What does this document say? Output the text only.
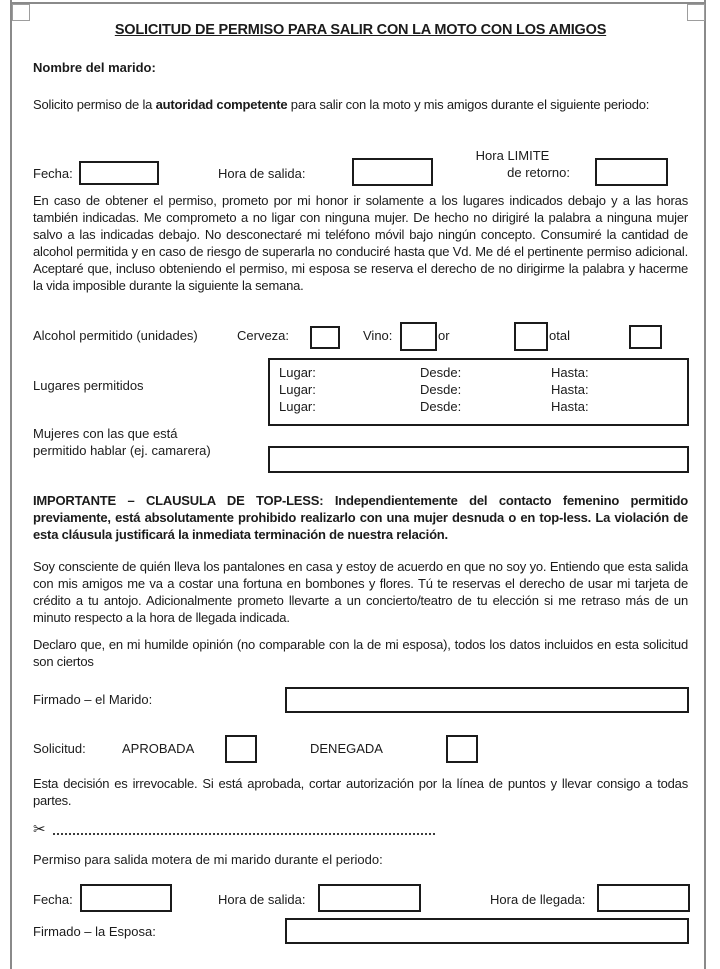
SOLICITUD DE PERMISO PARA SALIR CON LA MOTO CON LOS AMIGOS
Nombre del marido:
Solicito permiso de la autoridad competente para salir con la moto y mis amigos durante el siguiente periodo:
Fecha:	Hora de salida:
Hora LIMITE
de retorno:
En caso de obtener el permiso, prometo por mi honor ir solamente a los lugares indicados debajo y a las horas también indicadas. Me comprometo a no ligar con ninguna mujer. De hecho no dirigiré la palabra a ninguna mujer salvo a las indicadas debajo. No desconectaré mi teléfono móvil bajo ningún concepto. Consumiré la cantidad de alcohol permitida y en caso de riesgo de superarla no conduciré hasta que Vd. Me dé el pertinente permiso adicional. Aceptaré que, incluso obteniendo el permiso, mi esposa se reserva el derecho de no dirigirme la palabra y hacerme la vida imposible durante la siguiente la semana.
Alcohol permitido (unidades)	Cerveza:	Vino:	or	otal
Lugares permitidos
Lugar:	Desde:	Hasta:
Lugar:	Desde:	Hasta:
Lugar:	Desde:	Hasta:
Mujeres con las que está
permitido hablar (ej. camarera)
IMPORTANTE – CLAUSULA DE TOP-LESS: Independientemente del contacto femenino permitido previamente, está absolutamente prohibido realizarlo con una mujer desnuda o en top-less. La violación de esta cláusula justificará la inmediata terminación de nuestra relación.
Soy consciente de quién lleva los pantalones en casa y estoy de acuerdo en que no soy yo. Entiendo que esta salida con mis amigos me va a costar una fortuna en bombones y flores. Tú te reservas el derecho de usar mi tarjeta de crédito a tu antojo. Adicionalmente prometo llevarte a un concierto/teatro de tu elección si me retraso más de un minuto respecto a la hora de llegada indicada.
Declaro que, en mi humilde opinión (no comparable con la de mi esposa), todos los datos incluidos en esta solicitud son ciertos
Firmado – el Marido:
Solicitud:	APROBADA	DENEGADA
Esta decisión es irrevocable. Si está aprobada, cortar autorización por la línea de puntos y llevar consigo a todas partes.
✂
Permiso para salida motera de mi marido durante el periodo:
Fecha:	Hora de salida:	Hora de llegada:
Firmado – la Esposa:
